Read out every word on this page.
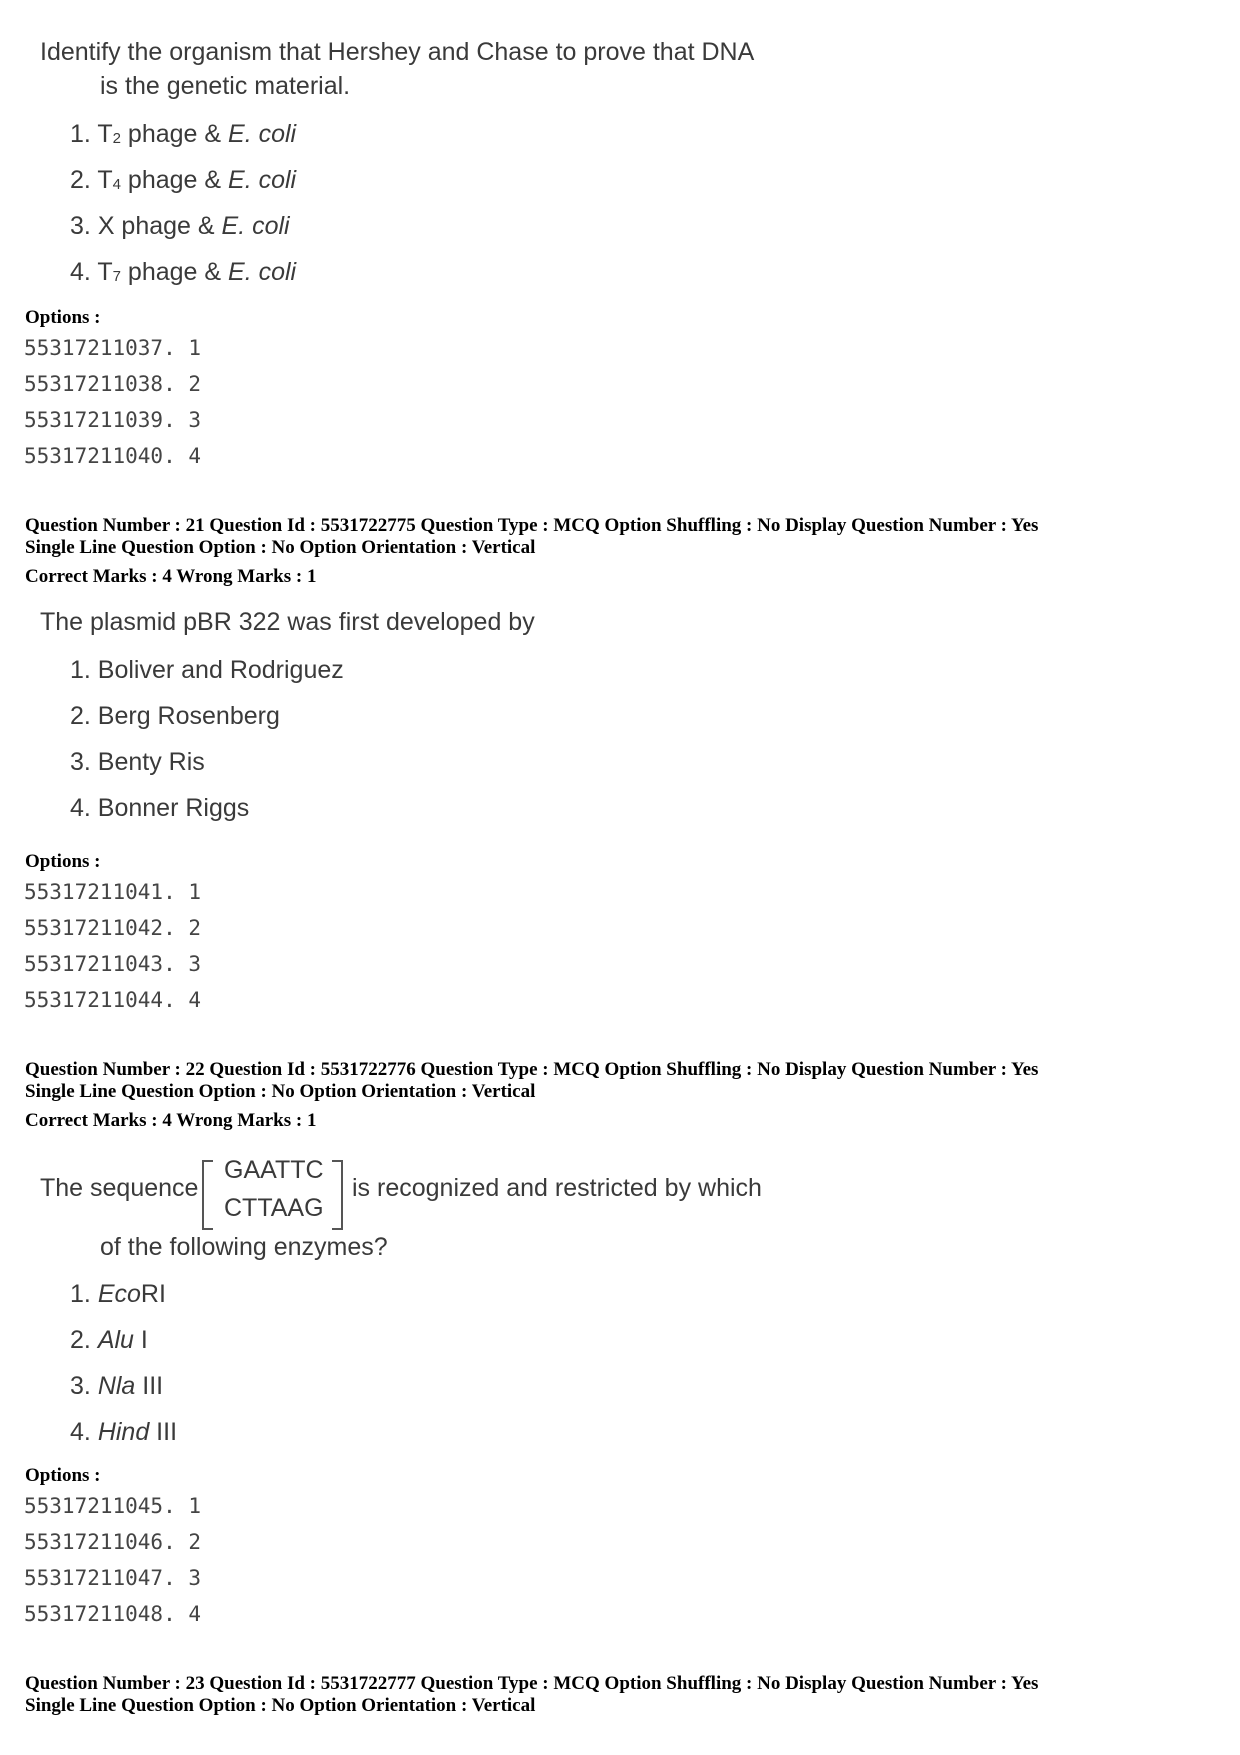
Identify the organism that Hershey and Chase to prove that DNA
is the genetic material.
1. T2 phage & E. coli
2. T4 phage & E. coli
3. X phage & E. coli
4. T7 phage & E. coli
Options :
55317211037. 1
55317211038. 2
55317211039. 3
55317211040. 4
Question Number : 21 Question Id : 5531722775 Question Type : MCQ Option Shuffling : No Display Question Number : Yes
Single Line Question Option : No Option Orientation : Vertical
Correct Marks : 4 Wrong Marks : 1
The plasmid pBR 322 was first developed by
1. Boliver and Rodriguez
2. Berg Rosenberg
3. Benty Ris
4. Bonner Riggs
Options :
55317211041. 1
55317211042. 2
55317211043. 3
55317211044. 4
Question Number : 22 Question Id : 5531722776 Question Type : MCQ Option Shuffling : No Display Question Number : Yes
Single Line Question Option : No Option Orientation : Vertical
Correct Marks : 4 Wrong Marks : 1
The sequence
GAATTC
CTTAAG
is recognized and restricted by which
of the following enzymes?
1. EcoRI
2. Alu I
3. Nla III
4. Hind III
Options :
55317211045. 1
55317211046. 2
55317211047. 3
55317211048. 4
Question Number : 23 Question Id : 5531722777 Question Type : MCQ Option Shuffling : No Display Question Number : Yes
Single Line Question Option : No Option Orientation : Vertical
